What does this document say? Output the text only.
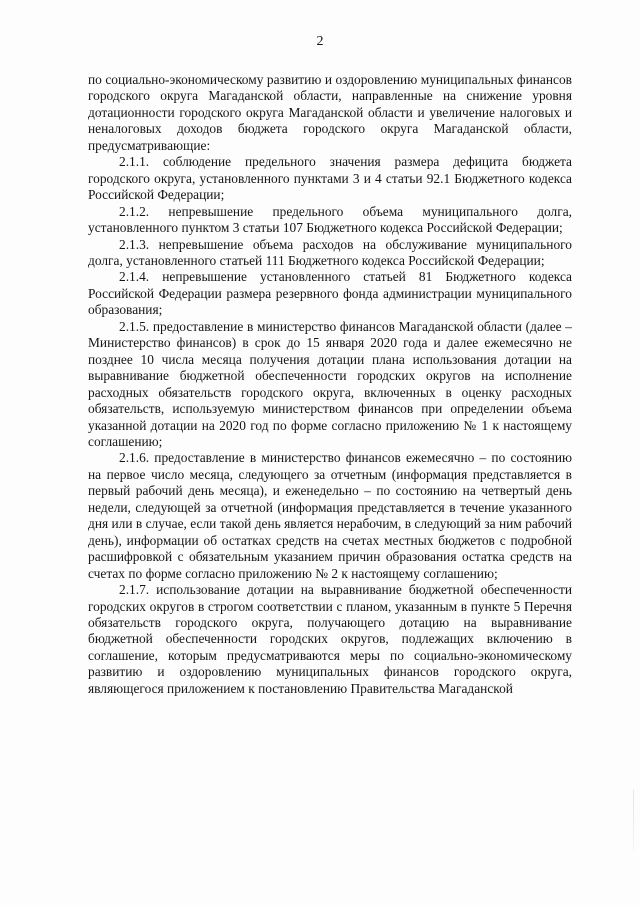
2

по социально-экономическому развитию и оздоровлению муниципальных финансов городского округа Магаданской области, направленные на снижение уровня дотационности городского округа Магаданской области и увеличение налоговых и неналоговых доходов бюджета городского округа Магаданской области, предусматривающие:

2.1.1. соблюдение предельного значения размера дефицита бюджета городского округа, установленного пунктами 3 и 4 статьи 92.1 Бюджетного кодекса Российской Федерации;

2.1.2. непревышение предельного объема муниципального долга, установленного пунктом 3 статьи 107 Бюджетного кодекса Российской Федерации;

2.1.3. непревышение объема расходов на обслуживание муниципального долга, установленного статьей 111 Бюджетного кодекса Российской Федерации;

2.1.4. непревышение установленного статьей 81 Бюджетного кодекса Российской Федерации размера резервного фонда администрации муниципального образования;

2.1.5. предоставление в министерство финансов Магаданской области (далее – Министерство финансов) в срок до 15 января 2020 года и далее ежемесячно не позднее 10 числа месяца получения дотации плана использования дотации на выравнивание бюджетной обеспеченности городских округов на исполнение расходных обязательств городского округа, включенных в оценку расходных обязательств, используемую министерством финансов при определении объема указанной дотации на 2020 год по форме согласно приложению № 1 к настоящему соглашению;

2.1.6. предоставление в министерство финансов ежемесячно – по состоянию на первое число месяца, следующего за отчетным (информация представляется в первый рабочий день месяца), и еженедельно – по состоянию на четвертый день недели, следующей за отчетной (информация представляется в течение указанного дня или в случае, если такой день является нерабочим, в следующий за ним рабочий день), информации об остатках средств на счетах местных бюджетов с подробной расшифровкой с обязательным указанием причин образования остатка средств на счетах по форме согласно приложению № 2 к настоящему соглашению;

2.1.7. использование дотации на выравнивание бюджетной обеспеченности городских округов в строгом соответствии с планом, указанным в пункте 5 Перечня обязательств городского округа, получающего дотацию на выравнивание бюджетной обеспеченности городских округов, подлежащих включению в соглашение, которым предусматриваются меры по социально-экономическому развитию и оздоровлению муниципальных финансов городского округа, являющегося приложением к постановлению Правительства Магаданской
